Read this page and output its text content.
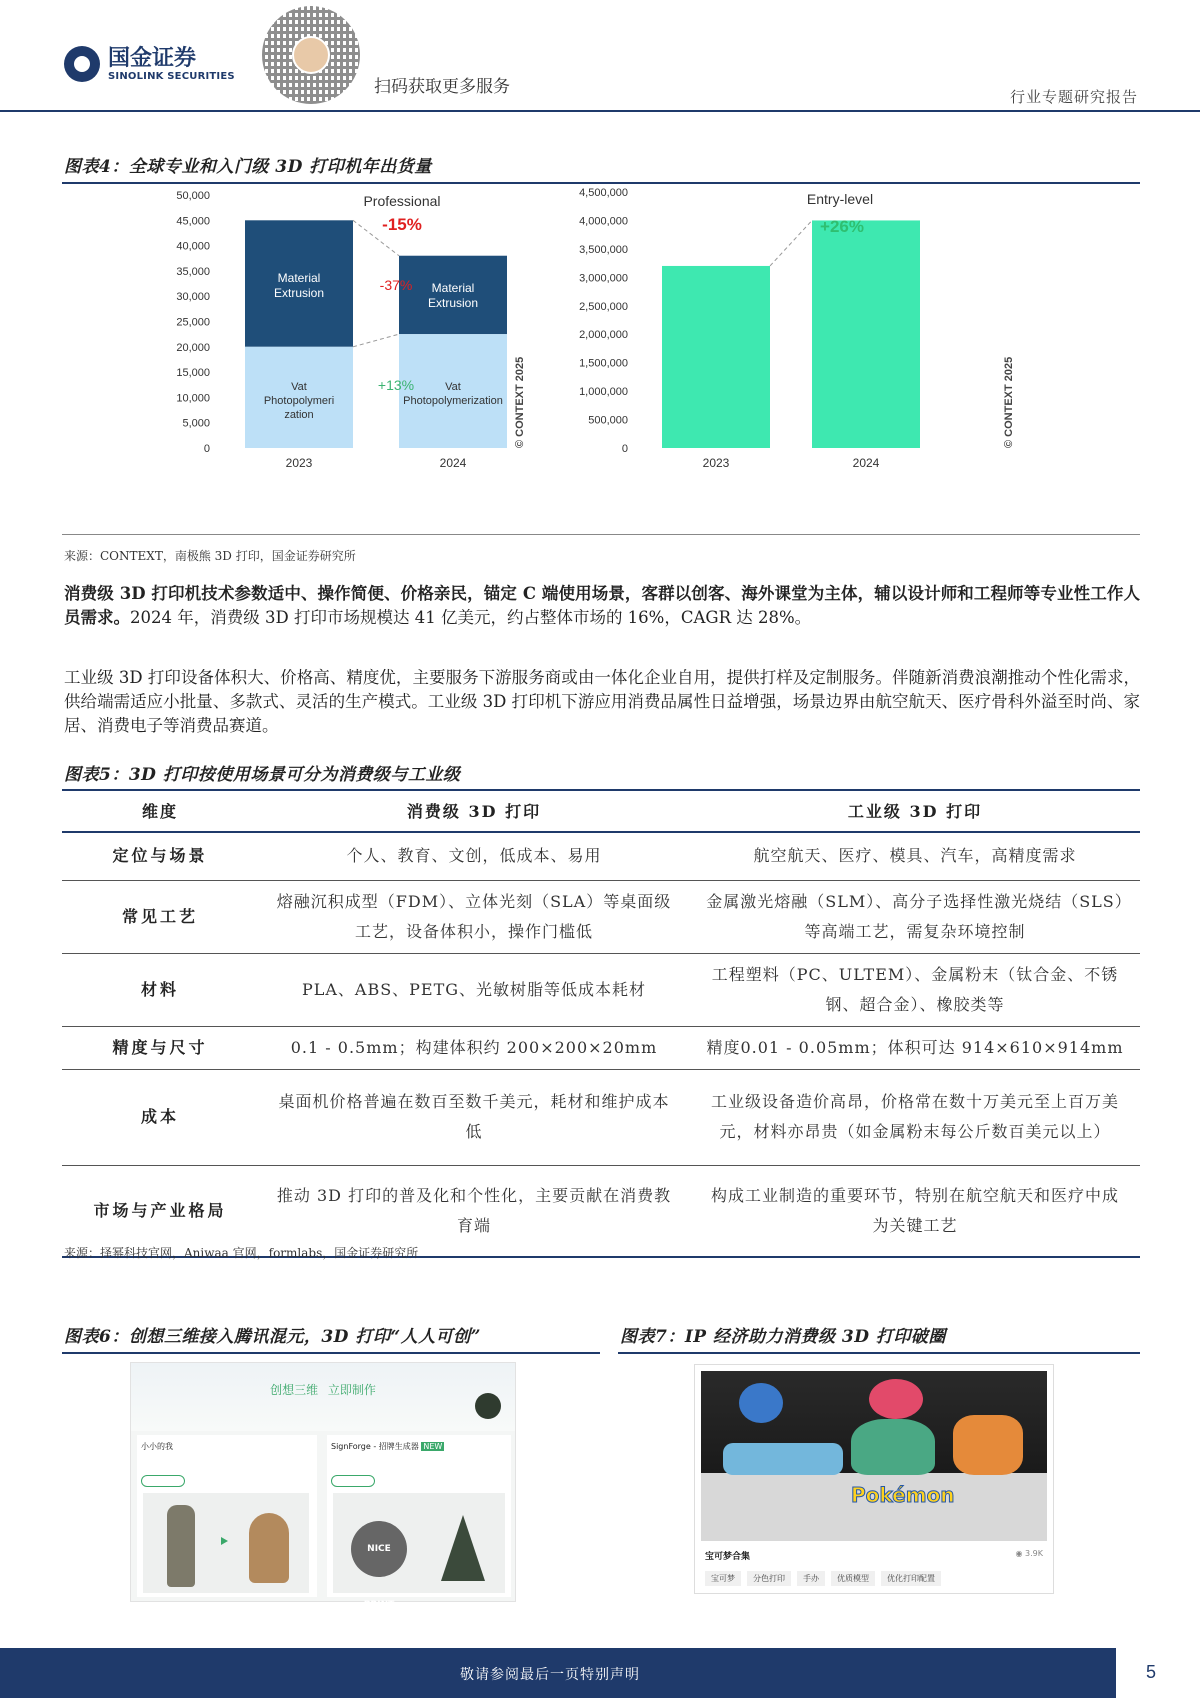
国金证券
SINOLINK SECURITIES
扫码获取更多服务	行业专题研究报告
图表4：全球专业和入门级 3D 打印机年出货量
Professional
50,000
45,000
40,000
35,000
30,000
25,000
20,000
15,000
10,000
5,000
0
-15%
-37%
+13%
Material
Extrusion	Material
Extrusion
Vat
Photopolymeri
zation
Vat
Photopolymerization
2023	2024
© CONTEXT 2025
Entry-level
4,500,000
4,000,000
3,500,000
3,000,000
2,500,000
2,000,000
1,500,000
1,000,000
500,000
0
+26%
2023	2024
© CONTEXT 2025
来源：CONTEXT，南极熊 3D 打印，国金证券研究所
消费级 3D 打印机技术参数适中、操作简便、价格亲民，锚定 C 端使用场景，客群以创客、海外课堂为主体，辅以设计师和工程师等专业性工作人员需求。2024 年，消费级 3D 打印市场规模达 41 亿美元，约占整体市场的 16%，CAGR 达 28%。
工业级 3D 打印设备体积大、价格高、精度优，主要服务下游服务商或由一体化企业自用，提供打样及定制服务。伴随新消费浪潮推动个性化需求，供给端需适应小批量、多款式、灵活的生产模式。工业级 3D 打印机下游应用消费品属性日益增强，场景边界由航空航天、医疗骨科外溢至时尚、家居、消费电子等消费品赛道。
图表5：3D 打印按使用场景可分为消费级与工业级
维度	消费级 3D 打印	工业级 3D 打印
定位与场景	个人、教育、文创，低成本、易用	航空航天、医疗、模具、汽车，高精度需求
常见工艺	熔融沉积成型（FDM）、立体光刻（SLA）等桌面级工艺，设备体积小，操作门槛低	金属激光熔融（SLM）、高分子选择性激光烧结（SLS）等高端工艺，需复杂环境控制
材料	PLA、ABS、PETG、光敏树脂等低成本耗材	工程塑料（PC、ULTEM）、金属粉末（钛合金、不锈钢、超合金）、橡胶类等
精度与尺寸	0.1 - 0.5mm；构建体积约 200×200×20mm	精度0.01 - 0.05mm；体积可达 914×610×914mm
成本	桌面机价格普遍在数百至数千美元，耗材和维护成本低	工业级设备造价高昂，价格常在数十万美元至上百万美元，材料亦昂贵（如金属粉末每公斤数百美元以上）
市场与产业格局	推动 3D 打印的普及化和个性化，主要贡献在消费教育端	构成工业制造的重要环节，特别在航空航天和医疗中成为关键工艺
来源：择幂科技官网，Aniwaa 官网，formlabs，国金证券研究所
图表6：创想三维接入腾讯混元，3D 打印“人人可创”	图表7：IP 经济助力消费级 3D 打印破圈
创想三维 立即制作
小小的我	SignForge - 招牌生成器 NEW
NICE PRINT
Pokémon
宝可梦合集	◉ 3.9K
宝可梦	分色打印	手办	优质模型	优化打印配置
敬请参阅最后一页特别声明	5
